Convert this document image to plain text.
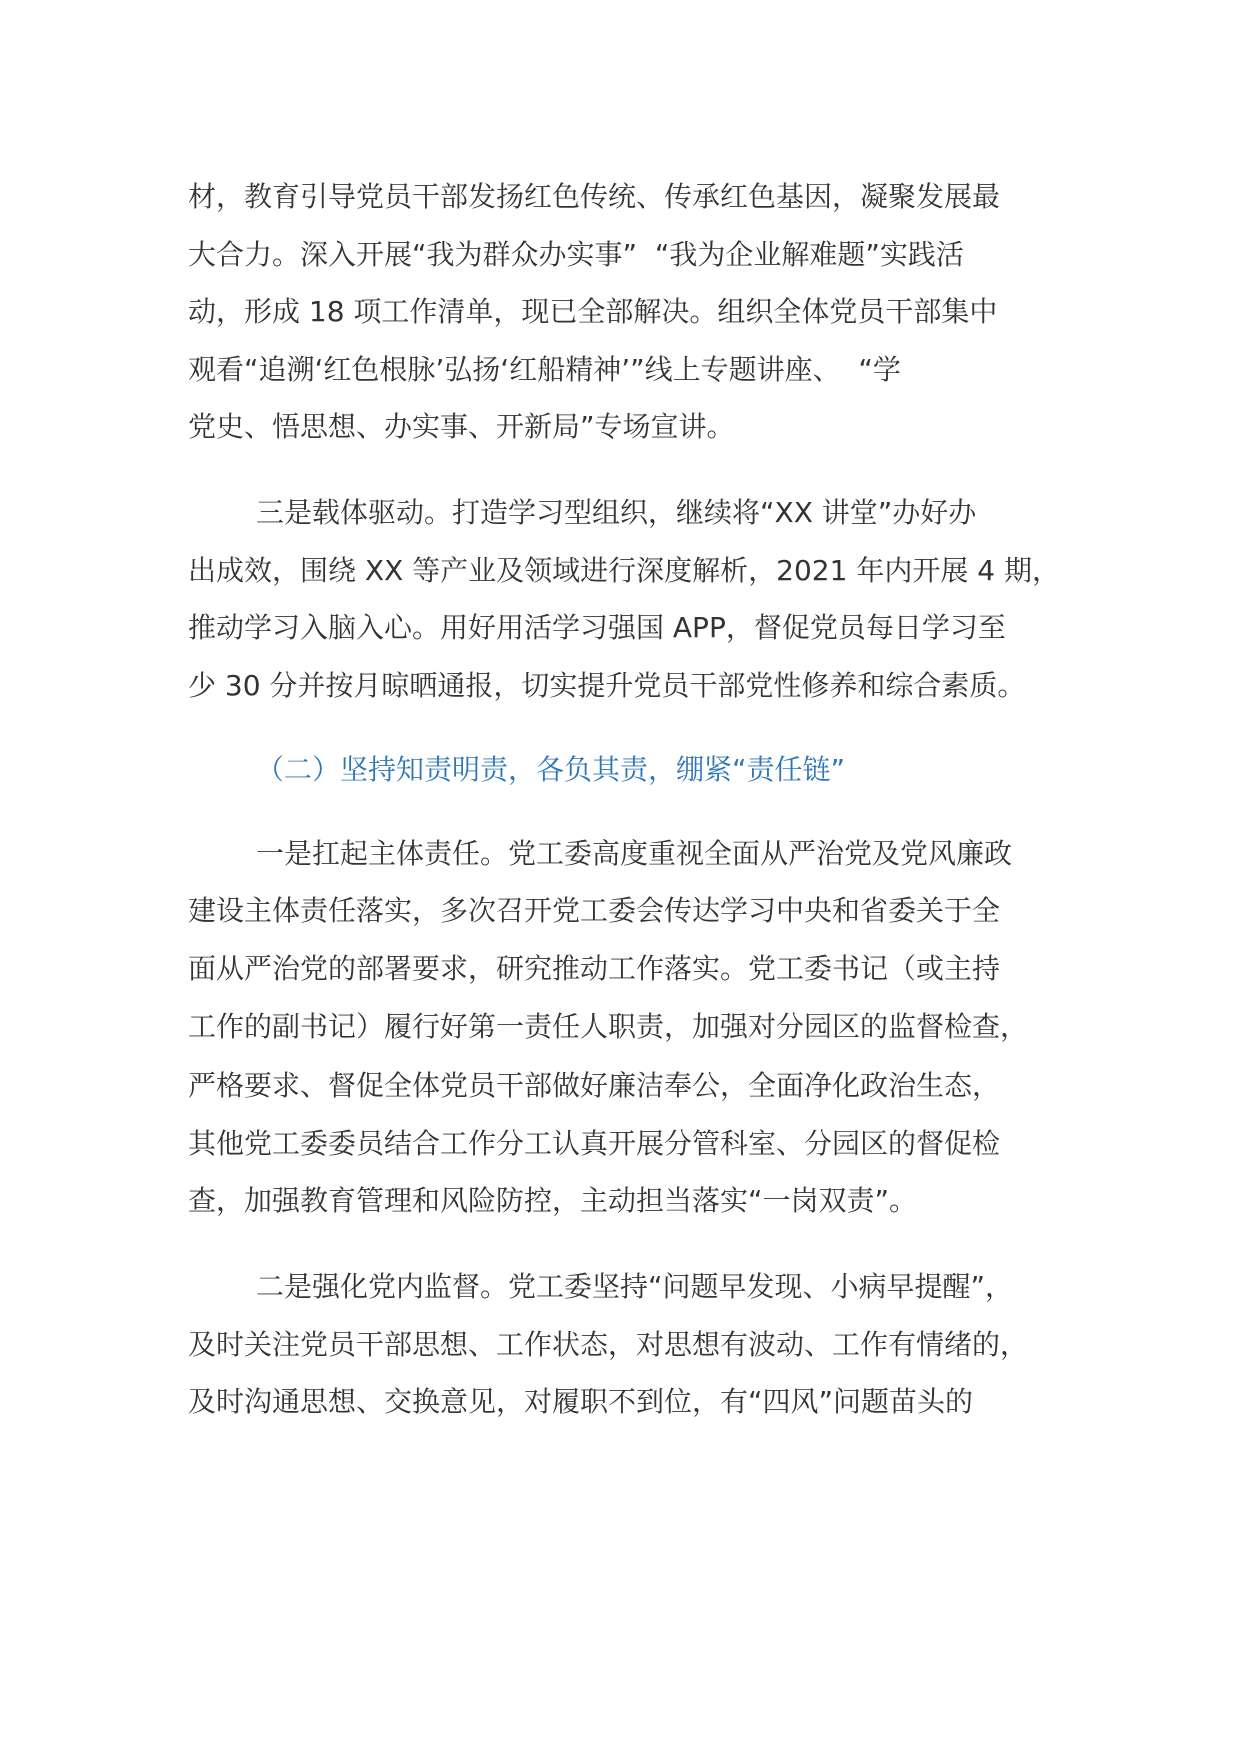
材，教育引导党员干部发扬红色传统、传承红色基因，凝聚发展最

大合力。深入开展“我为群众办实事”  “我为企业解难题”实践活

动，形成 18 项工作清单，现已全部解决。组织全体党员干部集中

观看“追溯‘红色根脉’弘扬‘红船精神’”线上专题讲座、  “学

党史、悟思想、办实事、开新局”专场宣讲。

三是载体驱动。打造学习型组织，继续将“XX 讲堂”办好办

出成效，围绕 XX 等产业及领域进行深度解析，2021 年内开展 4 期，

推动学习入脑入心。用好用活学习强国 APP，督促党员每日学习至

少 30 分并按月晾晒通报，切实提升党员干部党性修养和综合素质。

（二）坚持知责明责，各负其责，绷紧“责任链”

一是扛起主体责任。党工委高度重视全面从严治党及党风廉政

建设主体责任落实，多次召开党工委会传达学习中央和省委关于全

面从严治党的部署要求，研究推动工作落实。党工委书记（或主持

工作的副书记）履行好第一责任人职责，加强对分园区的监督检查，

严格要求、督促全体党员干部做好廉洁奉公，全面净化政治生态，

其他党工委委员结合工作分工认真开展分管科室、分园区的督促检

查，加强教育管理和风险防控，主动担当落实“一岗双责”。

二是强化党内监督。党工委坚持“问题早发现、小病早提醒”，

及时关注党员干部思想、工作状态，对思想有波动、工作有情绪的，

及时沟通思想、交换意见，对履职不到位，有“四风”问题苗头的
